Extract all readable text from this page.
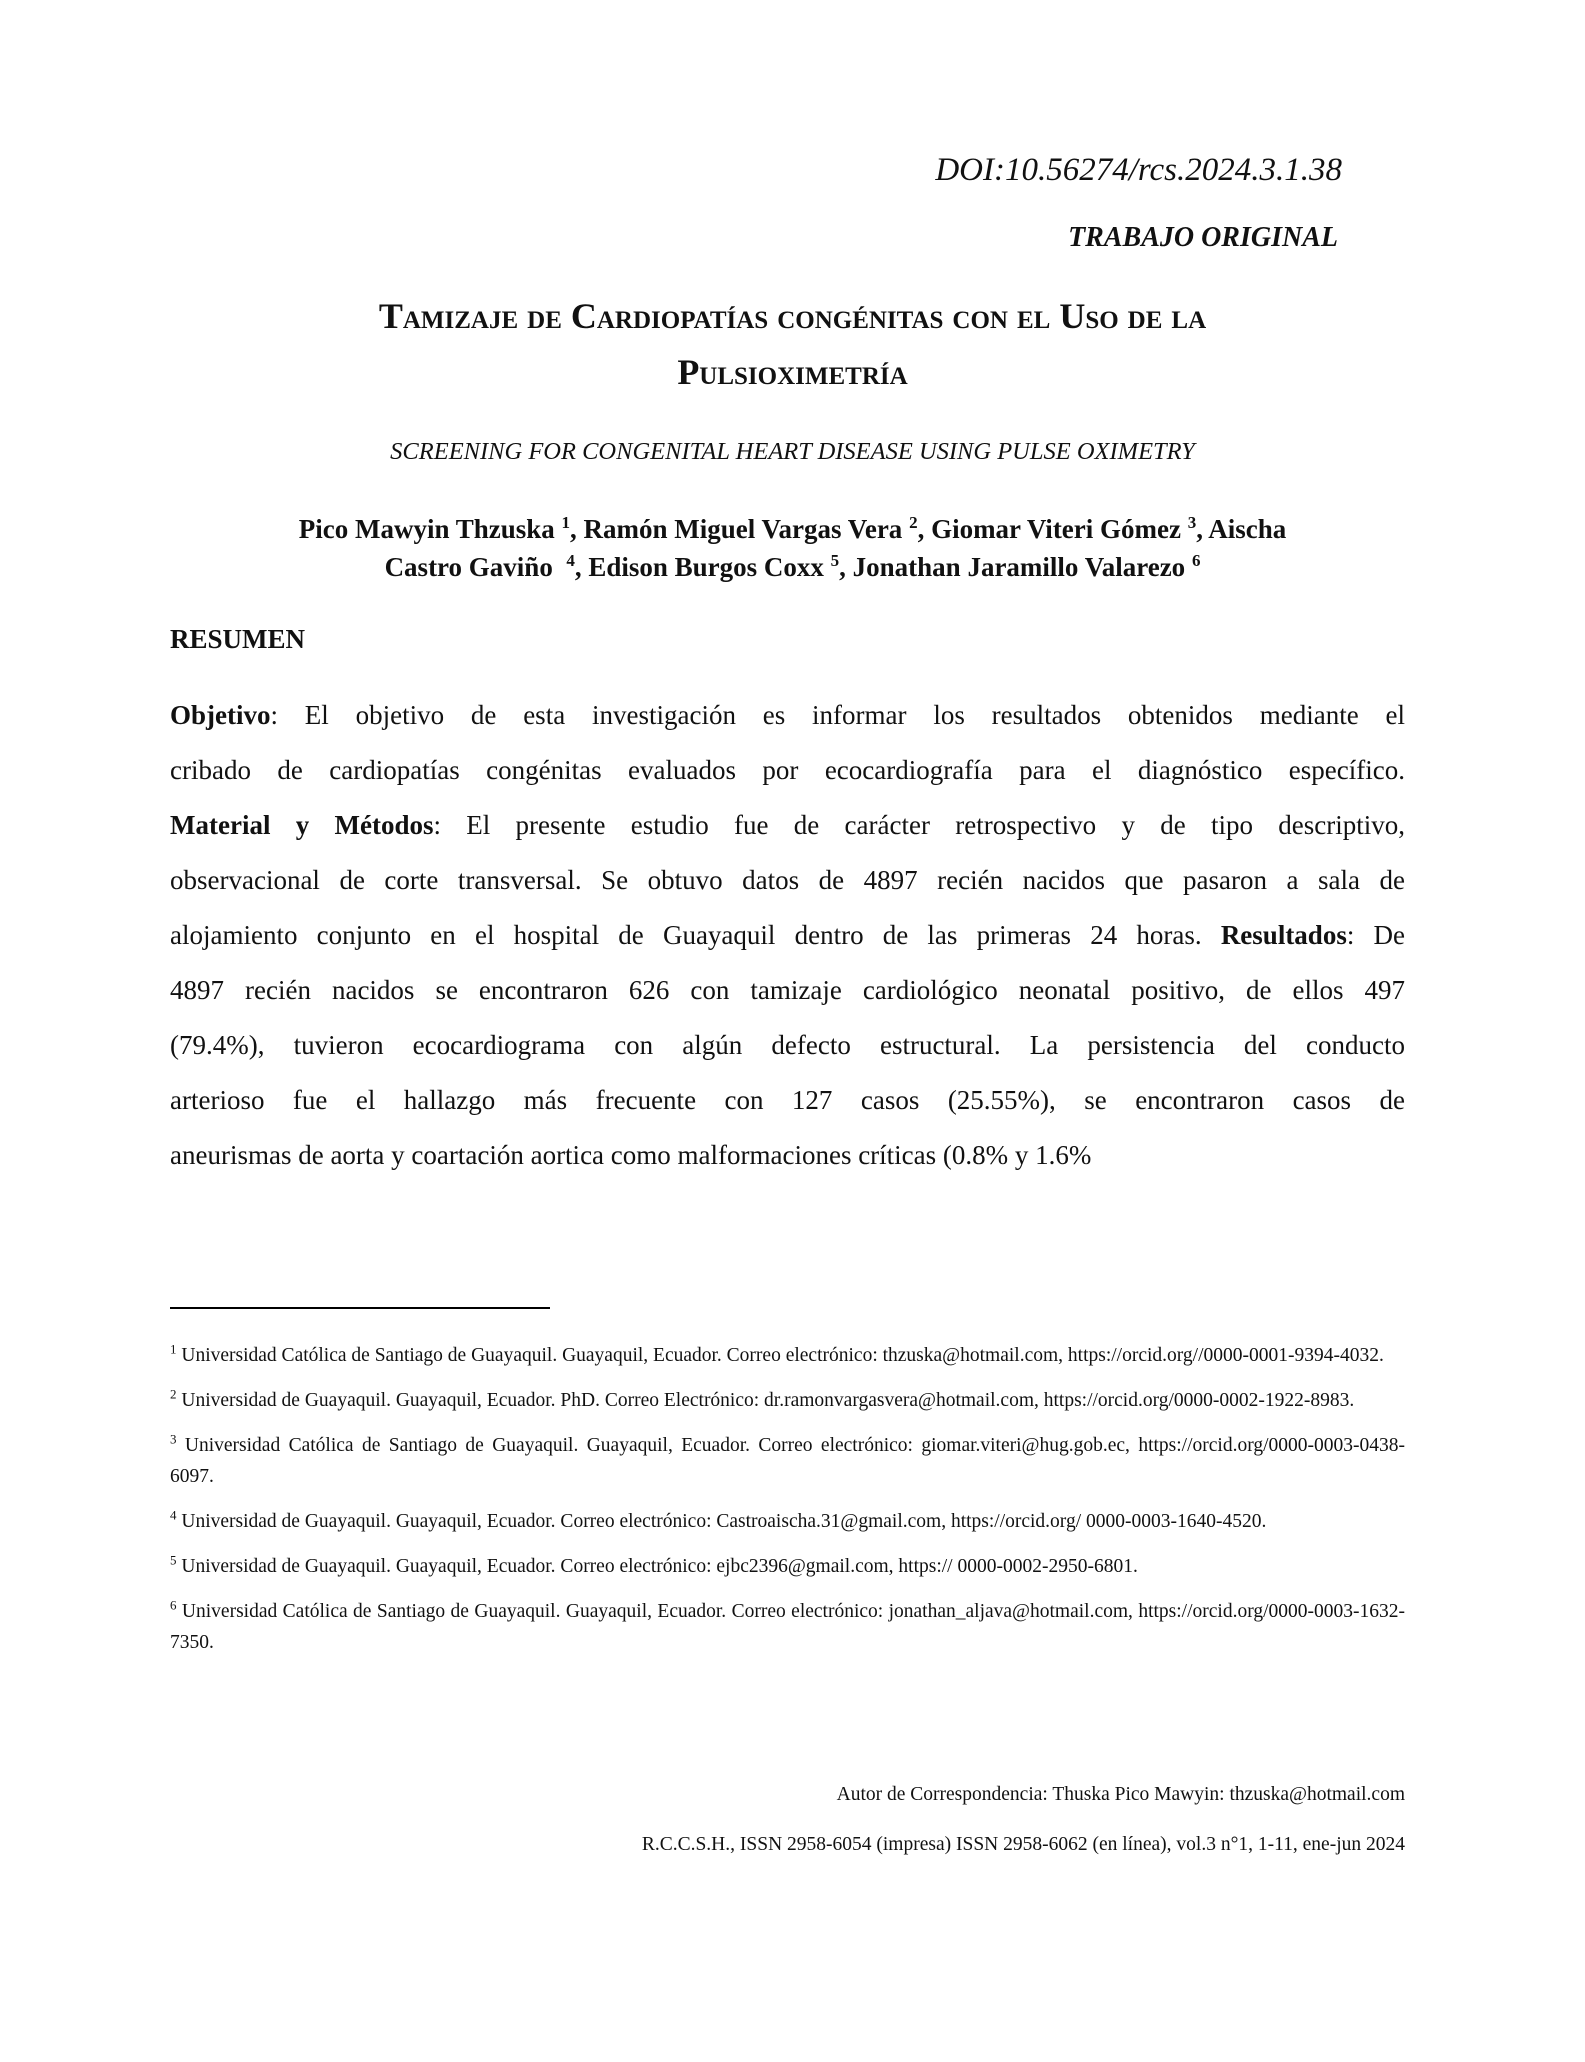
DOI:10.56274/rcs.2024.3.1.38
TRABAJO ORIGINAL
Tamizaje de Cardiopatías congénitas con el Uso de la
Pulsioximetría
SCREENING FOR CONGENITAL HEART DISEASE USING PULSE OXIMETRY
Pico Mawyin Thzuska $^1$, Ramón Miguel Vargas Vera $^2$, Giomar Viteri Gómez $^3$, Aischa
Castro Gaviño $^4$, Edison Burgos Coxx $^5$, Jonathan Jaramillo Valarezo $^6$
RESUMEN
Objetivo: El objetivo de esta investigación es informar los resultados obtenidos mediante el
cribado de cardiopatías congénitas evaluados por ecocardiografía para el diagnóstico específico.
Material y Métodos: El presente estudio fue de carácter retrospectivo y de tipo descriptivo,
observacional de corte transversal. Se obtuvo datos de 4897 recién nacidos que pasaron a sala de
alojamiento conjunto en el hospital de Guayaquil dentro de las primeras 24 horas. Resultados: De
4897 recién nacidos se encontraron 626 con tamizaje cardiológico neonatal positivo, de ellos 497
(79.4%), tuvieron ecocardiograma con algún defecto estructural. La persistencia del conducto
arterioso fue el hallazgo más frecuente con 127 casos (25.55%), se encontraron casos de
aneurismas de aorta y coartación aortica como malformaciones críticas (0.8% y 1.6%

$^1$ Universidad Católica de Santiago de Guayaquil. Guayaquil, Ecuador. Correo electrónico: thzuska@hotmail.com, https://orcid.org//0000-0001-9394-4032.

$^2$ Universidad de Guayaquil. Guayaquil, Ecuador. PhD. Correo Electrónico: dr.ramonvargasvera@hotmail.com, https://orcid.org/0000-0002-1922-8983.

$^3$ Universidad Católica de Santiago de Guayaquil. Guayaquil, Ecuador. Correo electrónico: giomar.viteri@hug.gob.ec, https://orcid.org/0000-0003-0438-6097.

$^4$ Universidad de Guayaquil. Guayaquil, Ecuador. Correo electrónico: Castroaischa.31@gmail.com, https://orcid.org/ 0000-0003-1640-4520.

$^5$ Universidad de Guayaquil. Guayaquil, Ecuador. Correo electrónico: ejbc2396@gmail.com, https:// 0000-0002-2950-6801.

$^6$ Universidad Católica de Santiago de Guayaquil. Guayaquil, Ecuador. Correo electrónico: jonathan_aljava@hotmail.com, https://orcid.org/0000-0003-1632-7350.

Autor de Correspondencia: Thuska Pico Mawyin: thzuska@hotmail.com
R.C.C.S.H., ISSN 2958-6054 (impresa) ISSN 2958-6062 (en línea), vol.3 n°1, 1-11, ene-jun 2024
